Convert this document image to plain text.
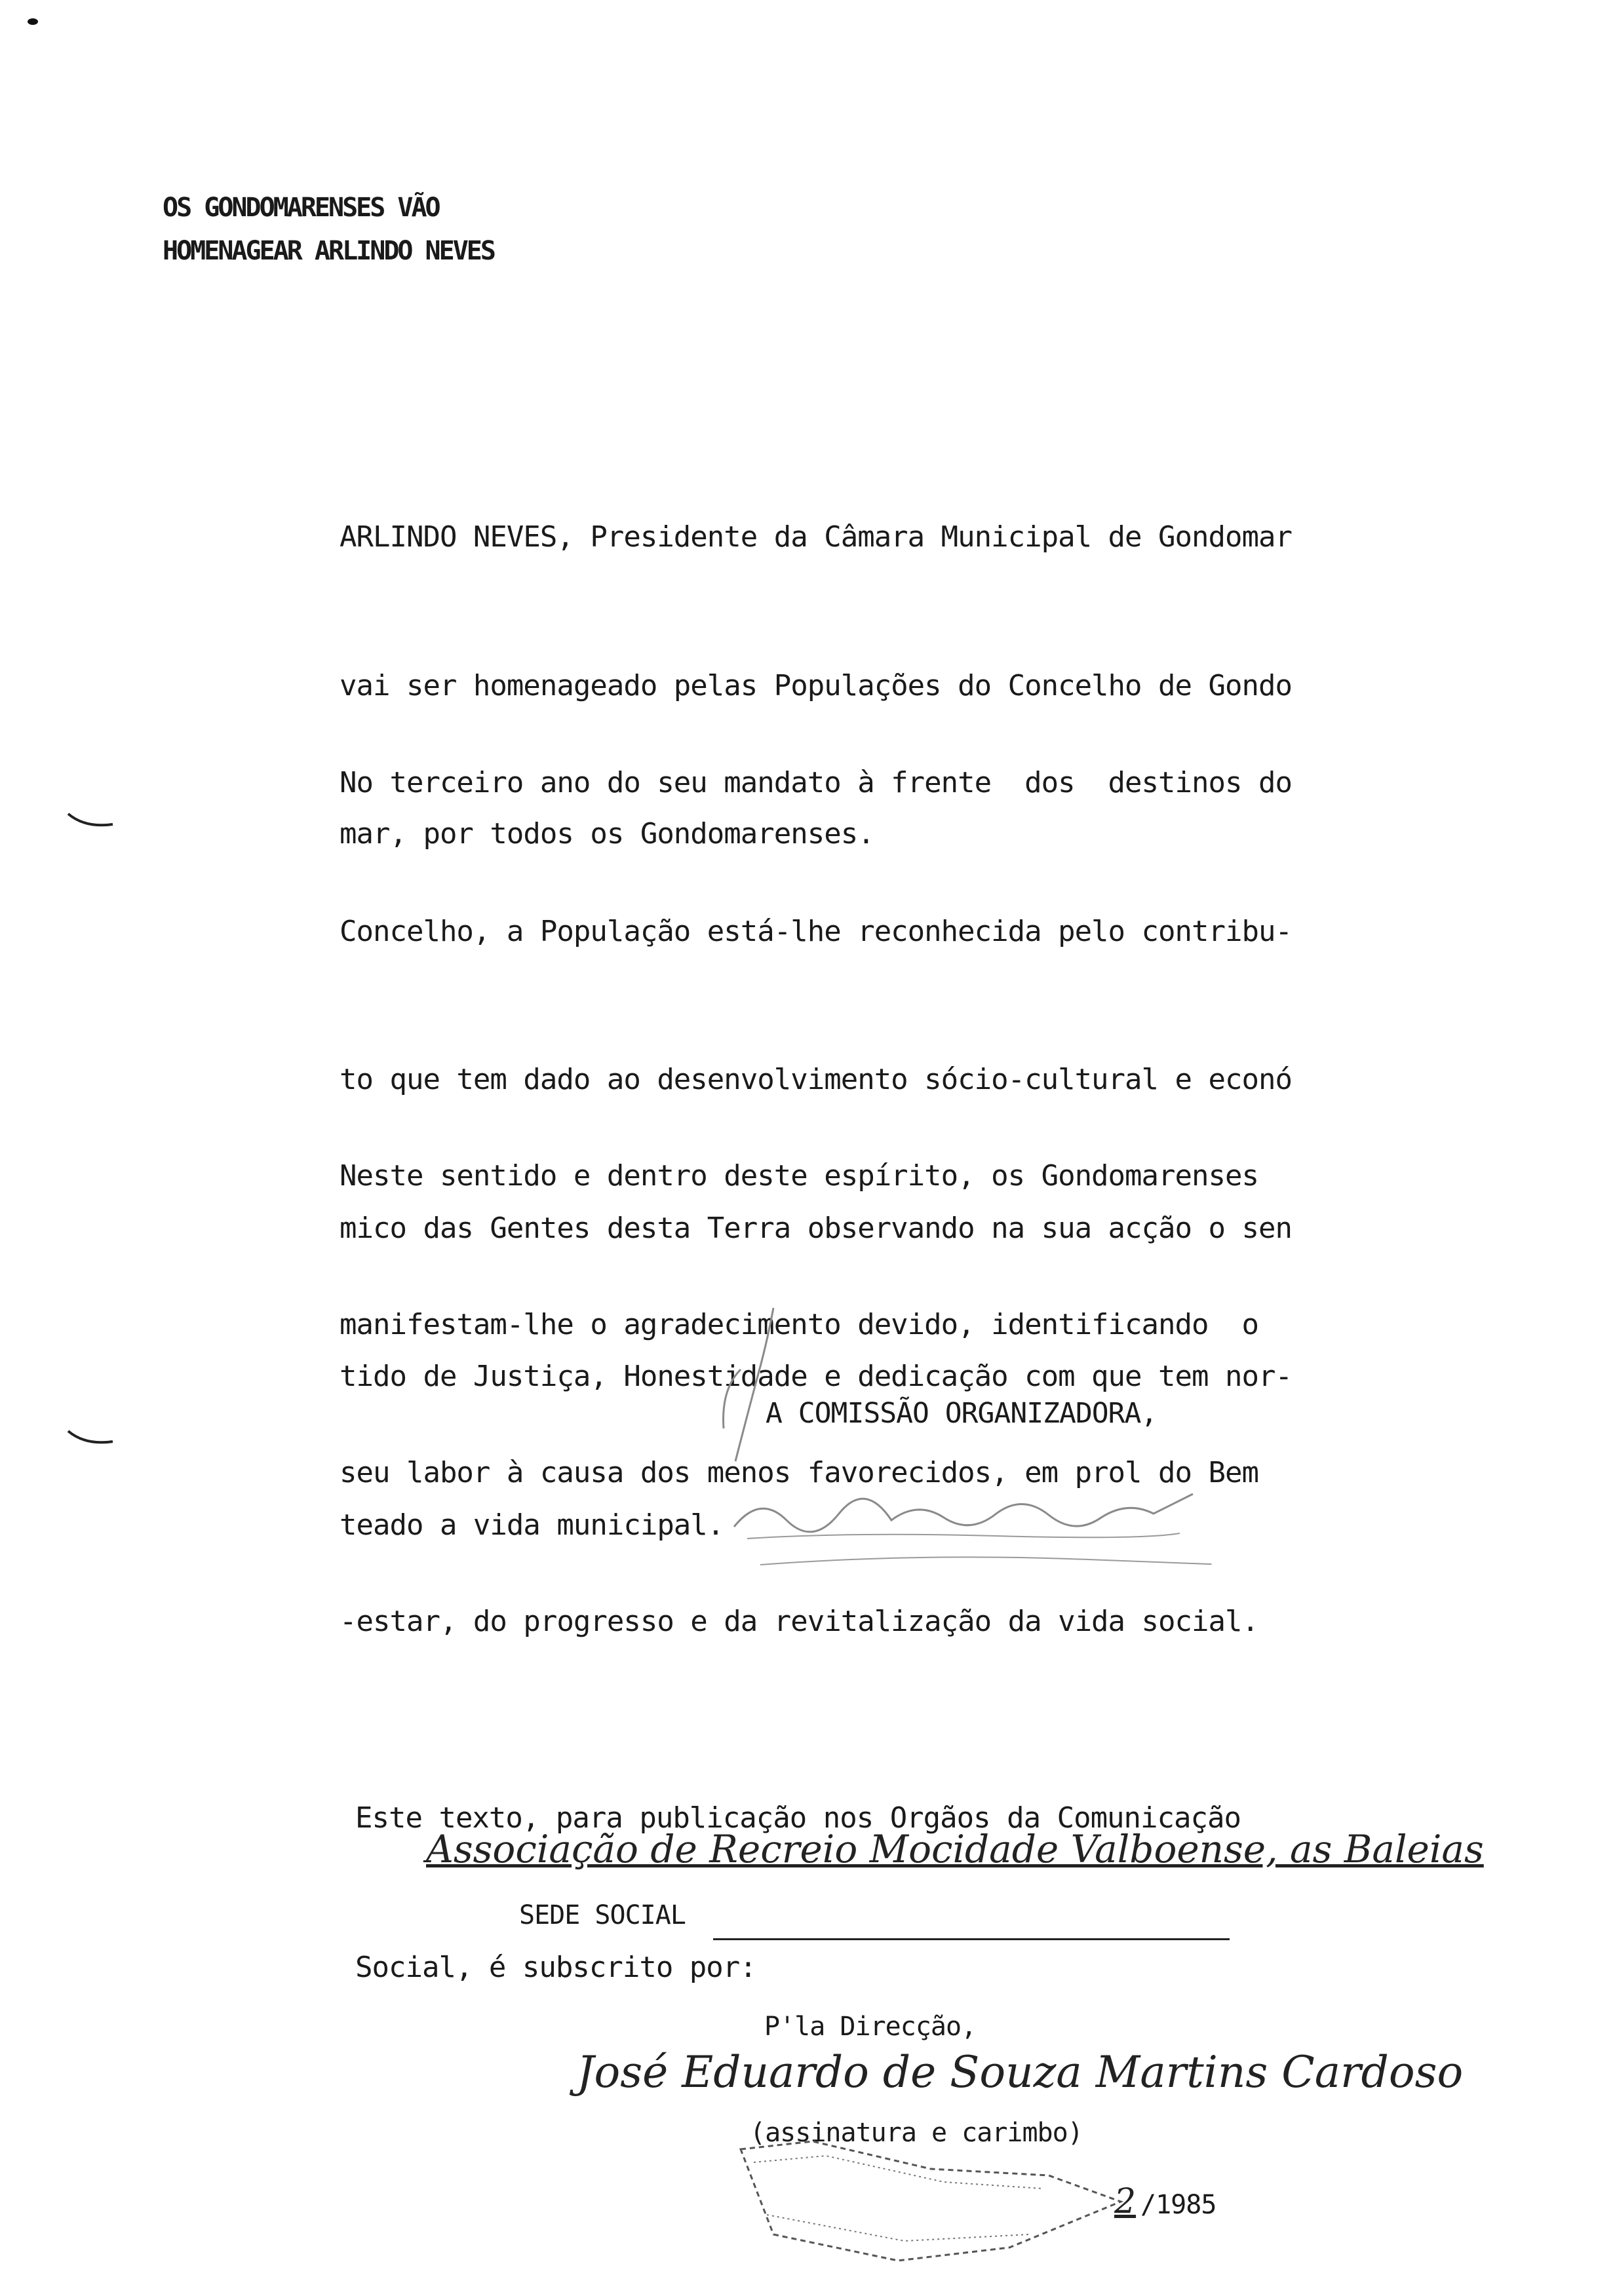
OS GONDOMARENSES VÃO
HOMENAGEAR ARLINDO NEVES

ARLINDO NEVES, Presidente da Câmara Municipal de Gondomar

vai ser homenageado pelas Populações do Concelho de Gondo

mar, por todos os Gondomarenses.

No terceiro ano do seu mandato à frente  dos  destinos do

Concelho, a População está-lhe reconhecida pelo contribu-

to que tem dado ao desenvolvimento sócio-cultural e econó

mico das Gentes desta Terra observando na sua acção o sen

tido de Justiça, Honestidade e dedicação com que tem nor-

teado a vida municipal.

Neste sentido e dentro deste espírito, os Gondomarenses

manifestam-lhe o agradecimento devido, identificando  o

seu labor à causa dos menos favorecidos, em prol do Bem

-estar, do progresso e da revitalização da vida social.

A COMISSÃO ORGANIZADORA,

Este texto, para publicação nos Orgãos da Comunicação

Social, é subscrito por:

Associação de Recreio Mocidade Valboense, as Baleias
SEDE SOCIAL
P'la Direcção,
José Eduardo de Souza Martins Cardoso
(assinatura e carimbo)
2 /1985
